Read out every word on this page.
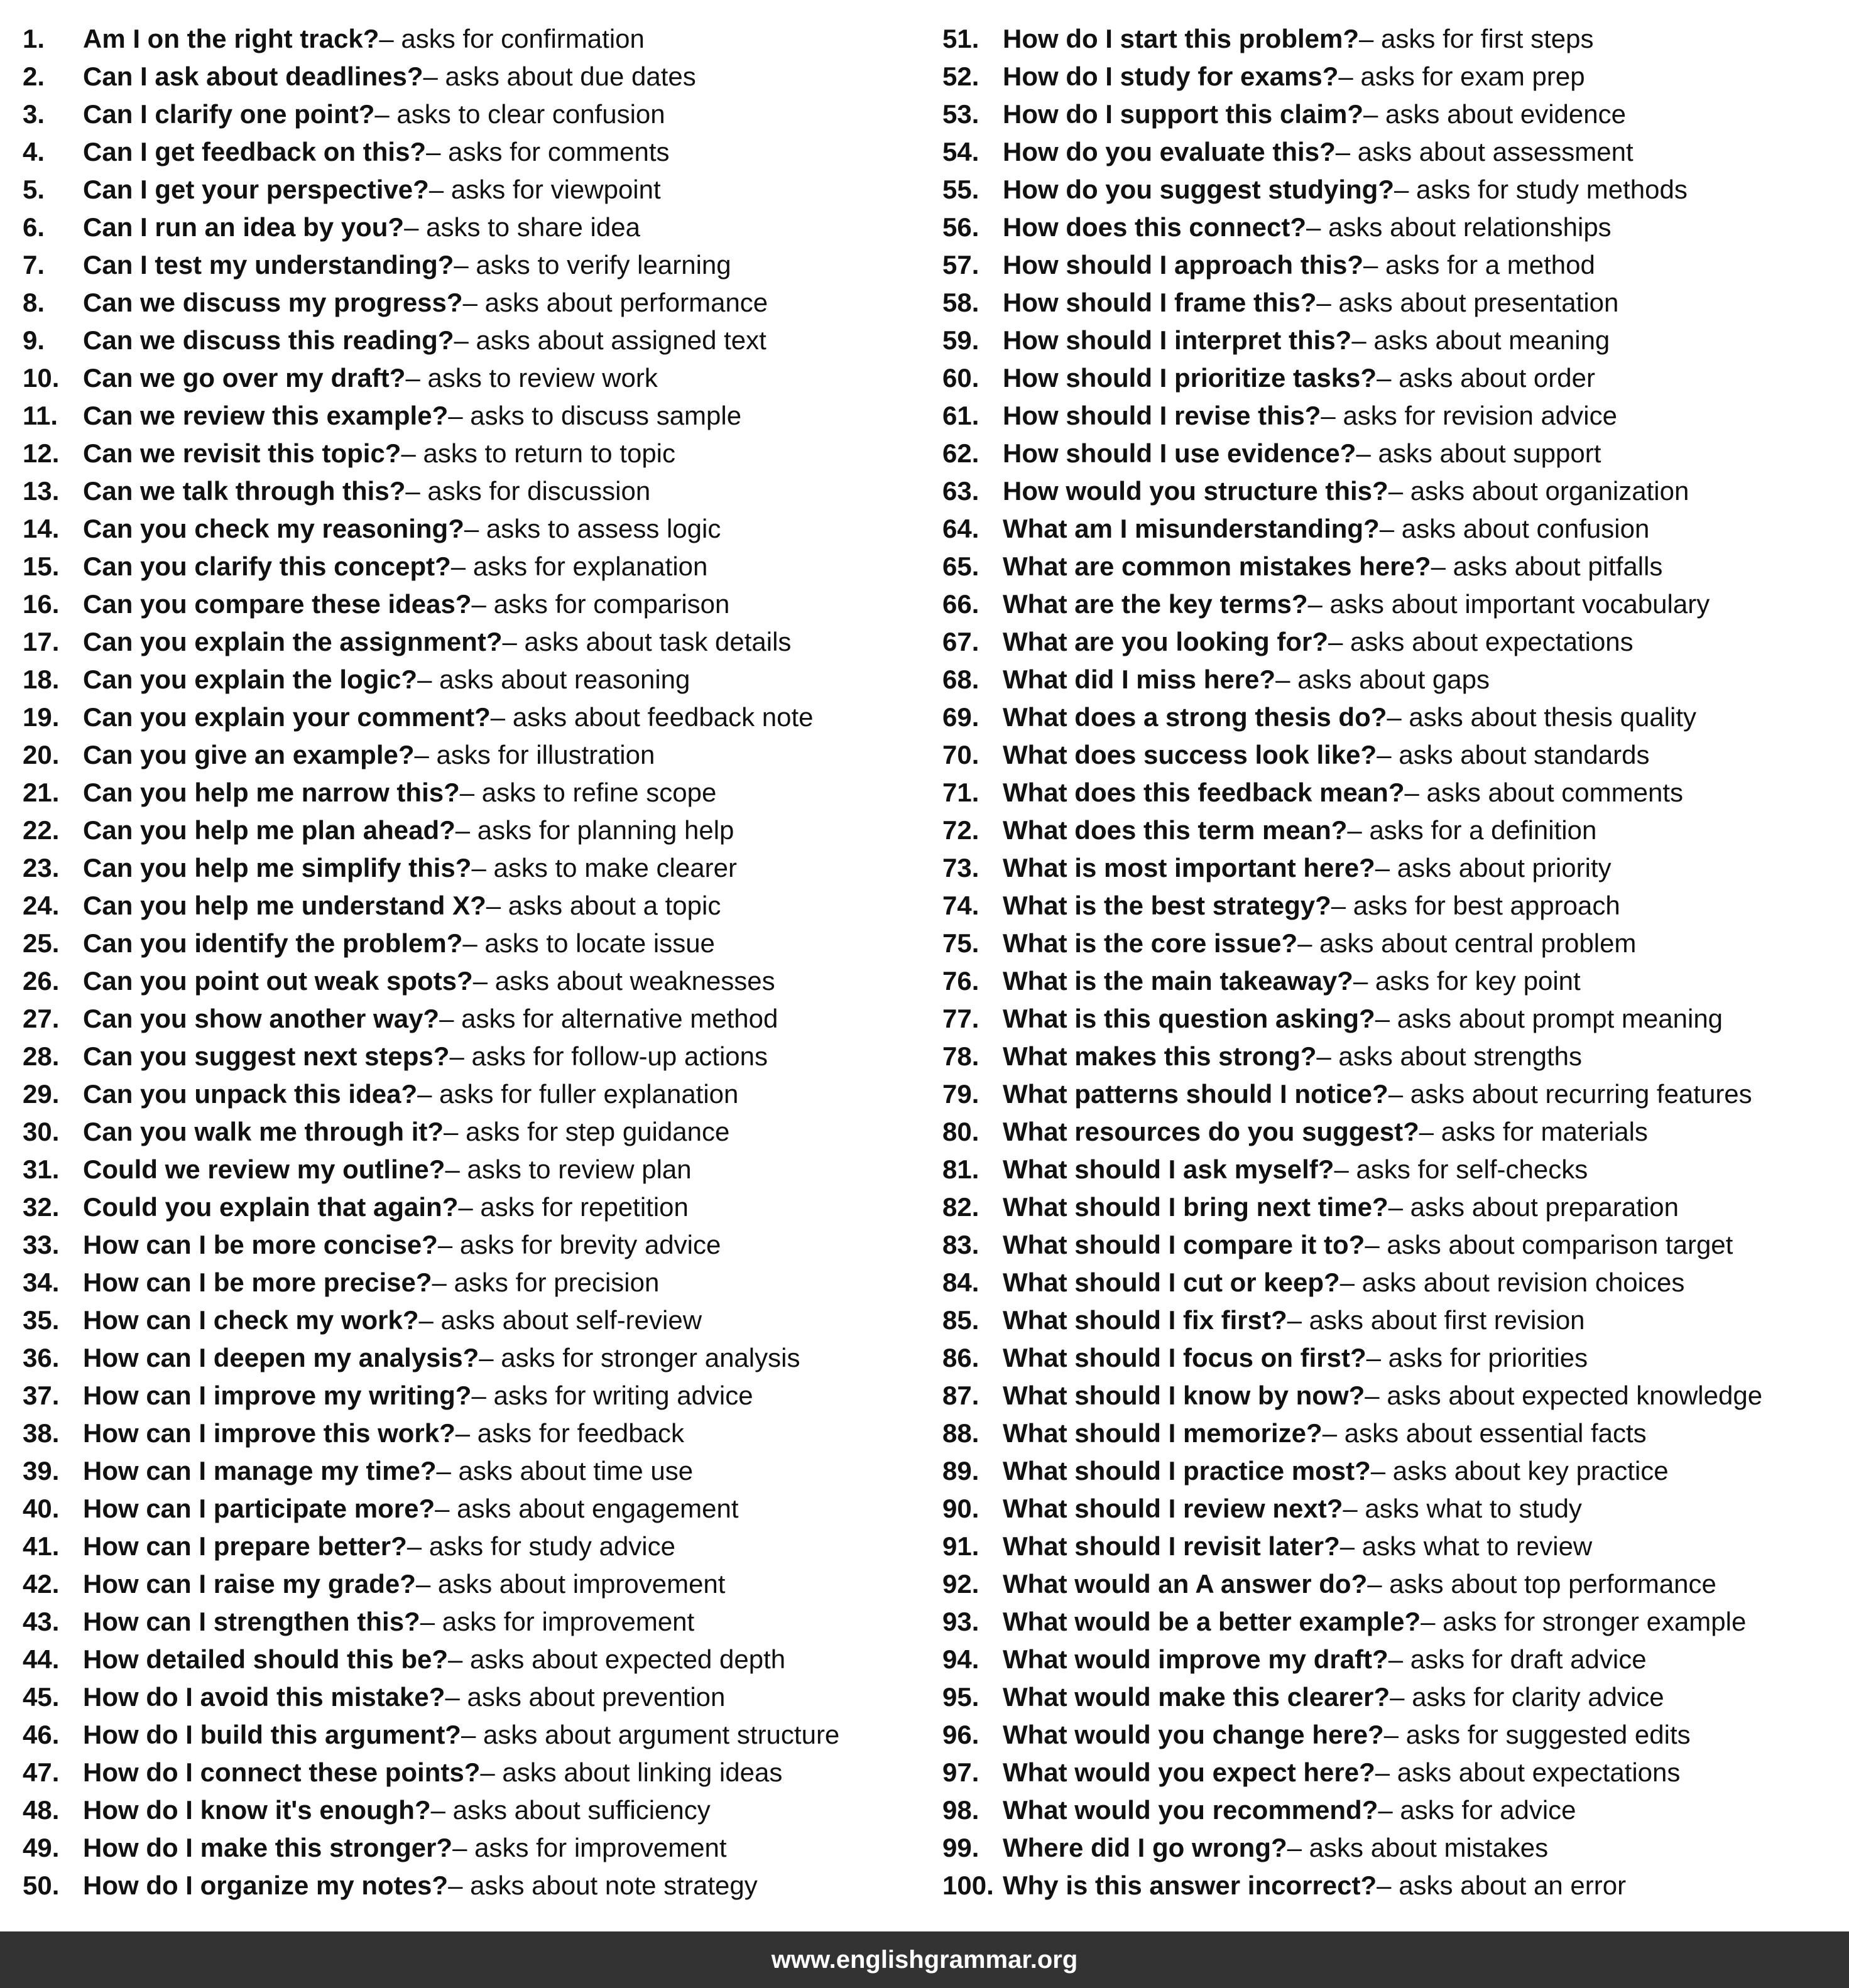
1.	Am I on the right track? – asks for confirmation
2.	Can I ask about deadlines? – asks about due dates
3.	Can I clarify one point? – asks to clear confusion
4.	Can I get feedback on this? – asks for comments
5.	Can I get your perspective? – asks for viewpoint
6.	Can I run an idea by you? – asks to share idea
7.	Can I test my understanding? – asks to verify learning
8.	Can we discuss my progress? – asks about performance
9.	Can we discuss this reading? – asks about assigned text
10. Can we go over my draft? – asks to review work
11. Can we review this example? – asks to discuss sample
12. Can we revisit this topic? – asks to return to topic
13. Can we talk through this? – asks for discussion
14. Can you check my reasoning? – asks to assess logic
15. Can you clarify this concept? – asks for explanation
16. Can you compare these ideas? – asks for comparison
17. Can you explain the assignment? – asks about task details
18. Can you explain the logic? – asks about reasoning
19. Can you explain your comment? – asks about feedback note
20. Can you give an example? – asks for illustration
21. Can you help me narrow this? – asks to refine scope
22. Can you help me plan ahead? – asks for planning help
23. Can you help me simplify this? – asks to make clearer
24. Can you help me understand X? – asks about a topic
25. Can you identify the problem? – asks to locate issue
26. Can you point out weak spots? – asks about weaknesses
27. Can you show another way? – asks for alternative method
28. Can you suggest next steps? – asks for follow-up actions
29. Can you unpack this idea? – asks for fuller explanation
30. Can you walk me through it? – asks for step guidance
31. Could we review my outline? – asks to review plan
32. Could you explain that again? – asks for repetition
33. How can I be more concise? – asks for brevity advice
34. How can I be more precise? – asks for precision
35. How can I check my work? – asks about self-review
36. How can I deepen my analysis? – asks for stronger analysis
37. How can I improve my writing? – asks for writing advice
38. How can I improve this work? – asks for feedback
39. How can I manage my time? – asks about time use
40. How can I participate more? – asks about engagement
41. How can I prepare better? – asks for study advice
42. How can I raise my grade? – asks about improvement
43. How can I strengthen this? – asks for improvement
44. How detailed should this be? – asks about expected depth
45. How do I avoid this mistake? – asks about prevention
46. How do I build this argument? – asks about argument structure
47. How do I connect these points? – asks about linking ideas
48. How do I know it's enough? – asks about sufficiency
49. How do I make this stronger? – asks for improvement
50. How do I organize my notes? – asks about note strategy
51. How do I start this problem? – asks for first steps
52. How do I study for exams? – asks for exam prep
53. How do I support this claim? – asks about evidence
54. How do you evaluate this? – asks about assessment
55. How do you suggest studying? – asks for study methods
56. How does this connect? – asks about relationships
57. How should I approach this? – asks for a method
58. How should I frame this? – asks about presentation
59. How should I interpret this? – asks about meaning
60. How should I prioritize tasks? – asks about order
61. How should I revise this? – asks for revision advice
62. How should I use evidence? – asks about support
63. How would you structure this? – asks about organization
64. What am I misunderstanding? – asks about confusion
65. What are common mistakes here? – asks about pitfalls
66. What are the key terms? – asks about important vocabulary
67. What are you looking for? – asks about expectations
68. What did I miss here? – asks about gaps
69. What does a strong thesis do? – asks about thesis quality
70. What does success look like? – asks about standards
71. What does this feedback mean? – asks about comments
72. What does this term mean? – asks for a definition
73. What is most important here? – asks about priority
74. What is the best strategy? – asks for best approach
75. What is the core issue? – asks about central problem
76. What is the main takeaway? – asks for key point
77. What is this question asking? – asks about prompt meaning
78. What makes this strong? – asks about strengths
79. What patterns should I notice? – asks about recurring features
80. What resources do you suggest? – asks for materials
81. What should I ask myself? – asks for self-checks
82. What should I bring next time? – asks about preparation
83. What should I compare it to? – asks about comparison target
84. What should I cut or keep? – asks about revision choices
85. What should I fix first? – asks about first revision
86. What should I focus on first? – asks for priorities
87. What should I know by now? – asks about expected knowledge
88. What should I memorize? – asks about essential facts
89. What should I practice most? – asks about key practice
90. What should I review next? – asks what to study
91. What should I revisit later? – asks what to review
92. What would an A answer do? – asks about top performance
93. What would be a better example? – asks for stronger example
94. What would improve my draft? – asks for draft advice
95. What would make this clearer? – asks for clarity advice
96. What would you change here? – asks for suggested edits
97. What would you expect here? – asks about expectations
98. What would you recommend? – asks for advice
99. Where did I go wrong? – asks about mistakes
100. Why is this answer incorrect? – asks about an error
www.englishgrammar.org
